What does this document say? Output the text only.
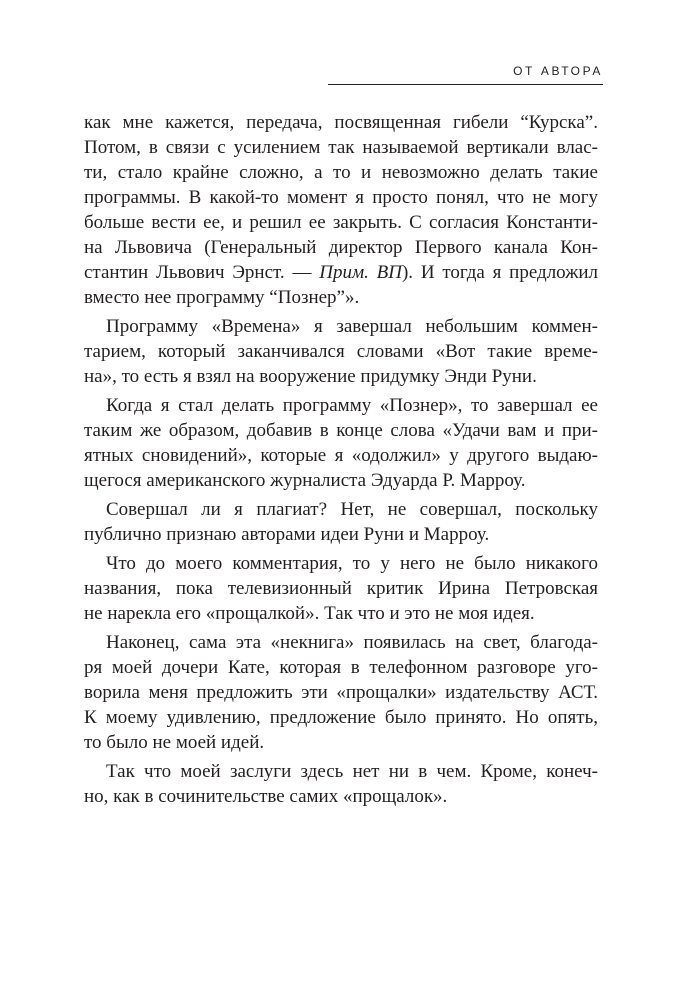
ОТ АВТОРА
как мне кажется, передача, посвященная гибели “Курска”.
Потом, в связи с усилением так называемой вертикали влас-
ти, стало крайне сложно, а то и невозможно делать такие
программы. В какой-то момент я просто понял, что не могу
больше вести ее, и решил ее закрыть. С согласия Константи-
на Львовича (Генеральный директор Первого канала Кон-
стантин Львович Эрнст. — Прим. ВП). И тогда я предложил
вместо нее программу “Познер”».
Программу «Времена» я завершал небольшим коммен-
тарием, который заканчивался словами «Вот такие време-
на», то есть я взял на вооружение придумку Энди Руни.
Когда я стал делать программу «Познер», то завершал ее
таким же образом, добавив в конце слова «Удачи вам и при-
ятных сновидений», которые я «одолжил» у другого выдаю-
щегося американского журналиста Эдуарда Р. Марроу.
Совершал ли я плагиат? Нет, не совершал, поскольку
публично признаю авторами идеи Руни и Марроу.
Что до моего комментария, то у него не было никакого
названия, пока телевизионный критик Ирина Петровская
не нарекла его «прощалкой». Так что и это не моя идея.
Наконец, сама эта «некнига» появилась на свет, благода-
ря моей дочери Кате, которая в телефонном разговоре уго-
ворила меня предложить эти «прощалки» издательству АСТ.
К моему удивлению, предложение было принято. Но опять,
то было не моей идей.
Так что моей заслуги здесь нет ни в чем. Кроме, конеч-
но, как в сочинительстве самих «прощалок».
